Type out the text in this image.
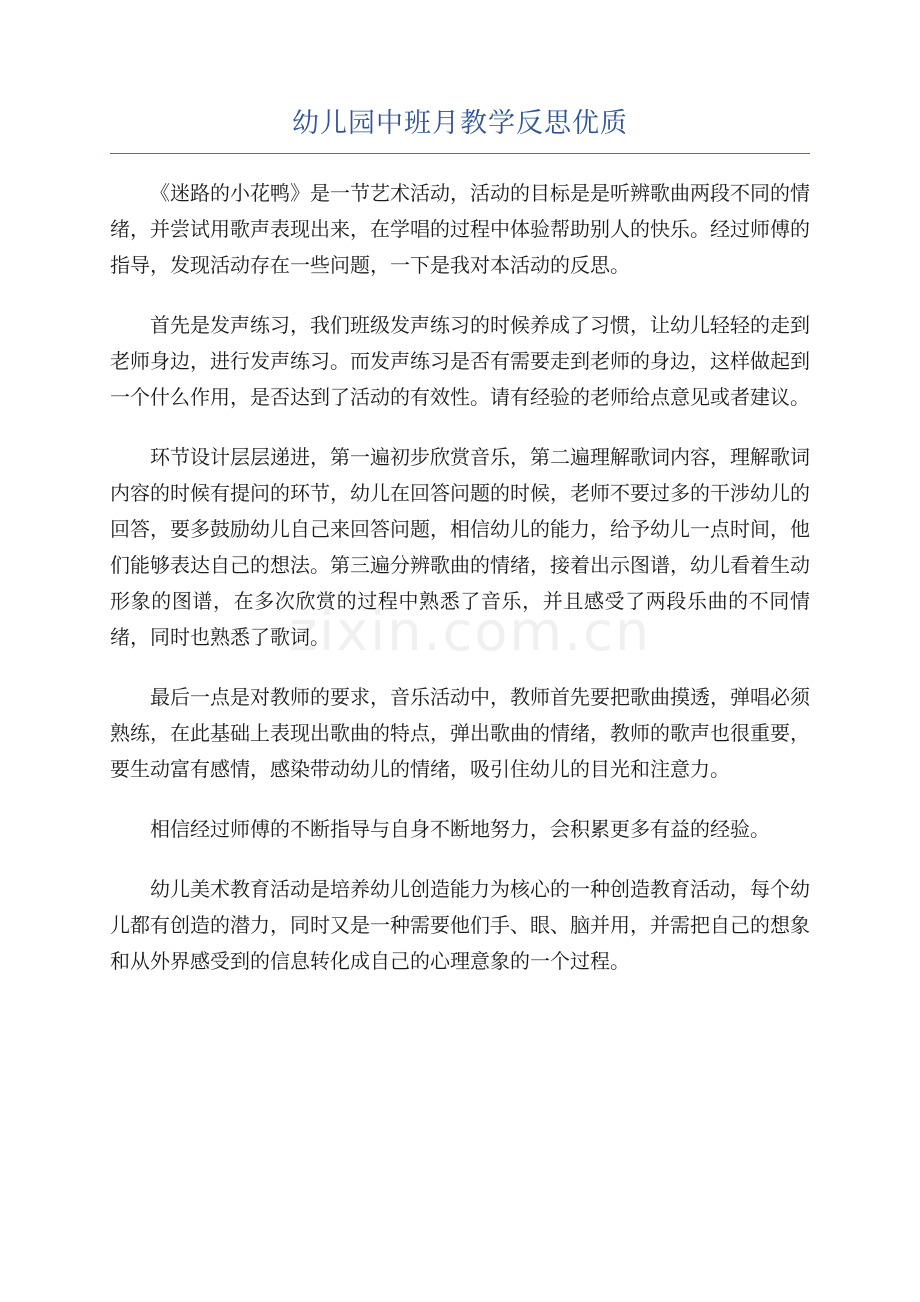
幼儿园中班月教学反思优质
zixin.com.cn

《迷路的小花鸭》是一节艺术活动，活动的目标是是听辨歌曲两段不同的情绪，并尝试用歌声表现出来，在学唱的过程中体验帮助别人的快乐。经过师傅的指导，发现活动存在一些问题，一下是我对本活动的反思。

首先是发声练习，我们班级发声练习的时候养成了习惯，让幼儿轻轻的走到老师身边，进行发声练习。而发声练习是否有需要走到老师的身边，这样做起到一个什么作用，是否达到了活动的有效性。请有经验的老师给点意见或者建议。

环节设计层层递进，第一遍初步欣赏音乐，第二遍理解歌词内容，理解歌词内容的时候有提问的环节，幼儿在回答问题的时候，老师不要过多的干涉幼儿的回答，要多鼓励幼儿自己来回答问题，相信幼儿的能力，给予幼儿一点时间，他们能够表达自己的想法。第三遍分辨歌曲的情绪，接着出示图谱，幼儿看着生动形象的图谱，在多次欣赏的过程中熟悉了音乐，并且感受了两段乐曲的不同情绪，同时也熟悉了歌词。

最后一点是对教师的要求，音乐活动中，教师首先要把歌曲摸透，弹唱必须熟练，在此基础上表现出歌曲的特点，弹出歌曲的情绪，教师的歌声也很重要，要生动富有感情，感染带动幼儿的情绪，吸引住幼儿的目光和注意力。

相信经过师傅的不断指导与自身不断地努力，会积累更多有益的经验。

幼儿美术教育活动是培养幼儿创造能力为核心的一种创造教育活动，每个幼儿都有创造的潜力，同时又是一种需要他们手、眼、脑并用，并需把自己的想象和从外界感受到的信息转化成自己的心理意象的一个过程。
